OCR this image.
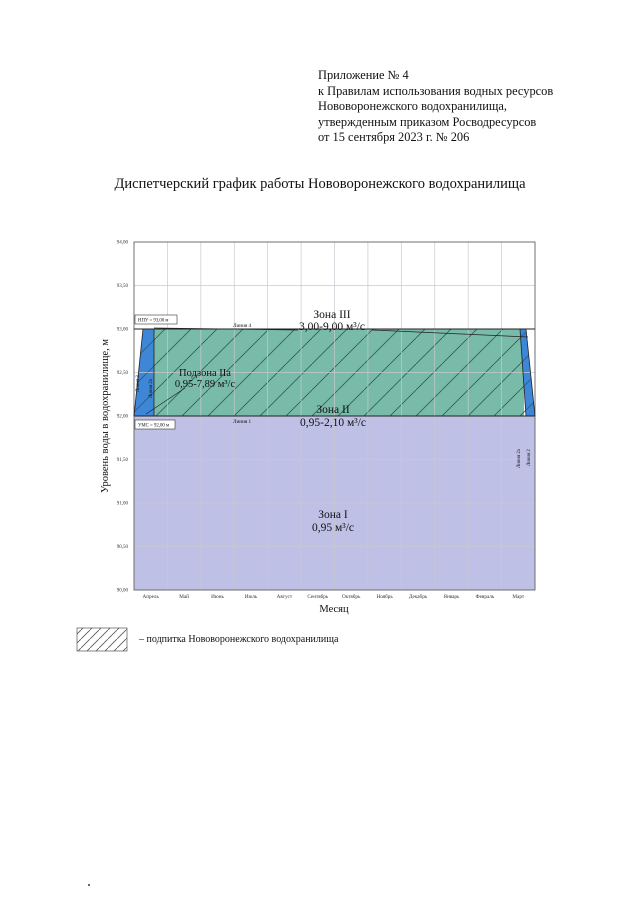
Приложение № 4
к Правилам использования водных ресурсов
Нововоронежского водохранилища,
утвержденным приказом Росводресурсов
от 15 сентября 2023 г. № 206
Диспетчерский график работы Нововоронежского водохранилища
90,00
90,50
91,00
91,50
92,00
92,50
93,00
93,50
94,00
Апрель	Май	Июнь	Июль	Август	Сентябрь	Октябрь	Ноябрь	Декабрь	Январь	Февраль	Март
НПУ = 93,00 м
УМС = 92,00 м
Линия 4
Линия 1
Линия 3 Линия 2а
Линия 2а Линия 2
Зона III
3,00-9,00 м³/с
Зона II
0,95-2,10 м³/с
Подзона IIа
0,95-7,89 м³/с
Зона I
0,95 м³/с
Месяц
Уровень воды в водохранилище, м
– подпитка Нововоронежского водохранилища
